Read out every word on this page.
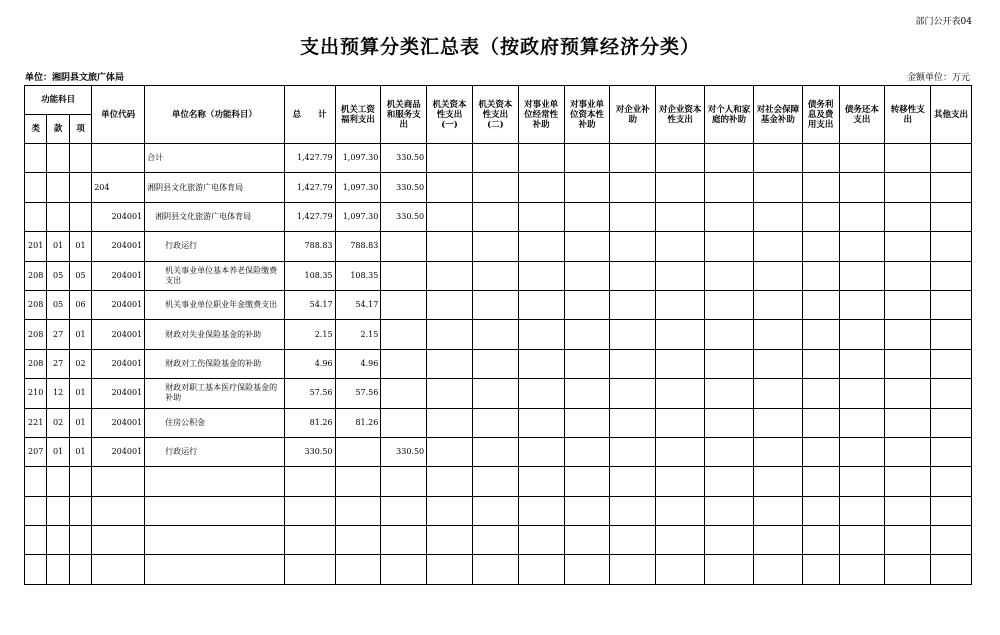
部门公开表04
支出预算分类汇总表（按政府预算经济分类）
单位：湘阴县文旅广体局	金额单位：万元
功能科目			单位代码	单位名称（功能科目）	总　　计	机关工资福利支出	机关商品和服务支出	机关资本性支出(一)	机关资本性支出(二)	对事业单位经常性补助	对事业单位资本性补助	对企业补助	对企业资本性支出	对个人和家庭的补助	对社会保障基金补助	债务利息及费用支出	债务还本支出	转移性支出	其他支出
类	款	项																	
				合计	1,427.79	1,097.30	330.50												
			204	湘阴县文化旅游广电体育局	1,427.79	1,097.30	330.50												
			204001	湘阴县文化旅游广电体育局	1,427.79	1,097.30	330.50												
201	01	01	204001	行政运行	788.83	788.83													
208	05	05	204001	机关事业单位基本养老保险缴费支出	108.35	108.35													
208	05	06	204001	机关事业单位职业年金缴费支出	54.17	54.17													
208	27	01	204001	财政对失业保险基金的补助	2.15	2.15													
208	27	02	204001	财政对工伤保险基金的补助	4.96	4.96													
210	12	01	204001	财政对职工基本医疗保险基金的补助	57.56	57.56													
221	02	01	204001	住房公积金	81.26	81.26													
207	01	01	204001	行政运行	330.50		330.50												
